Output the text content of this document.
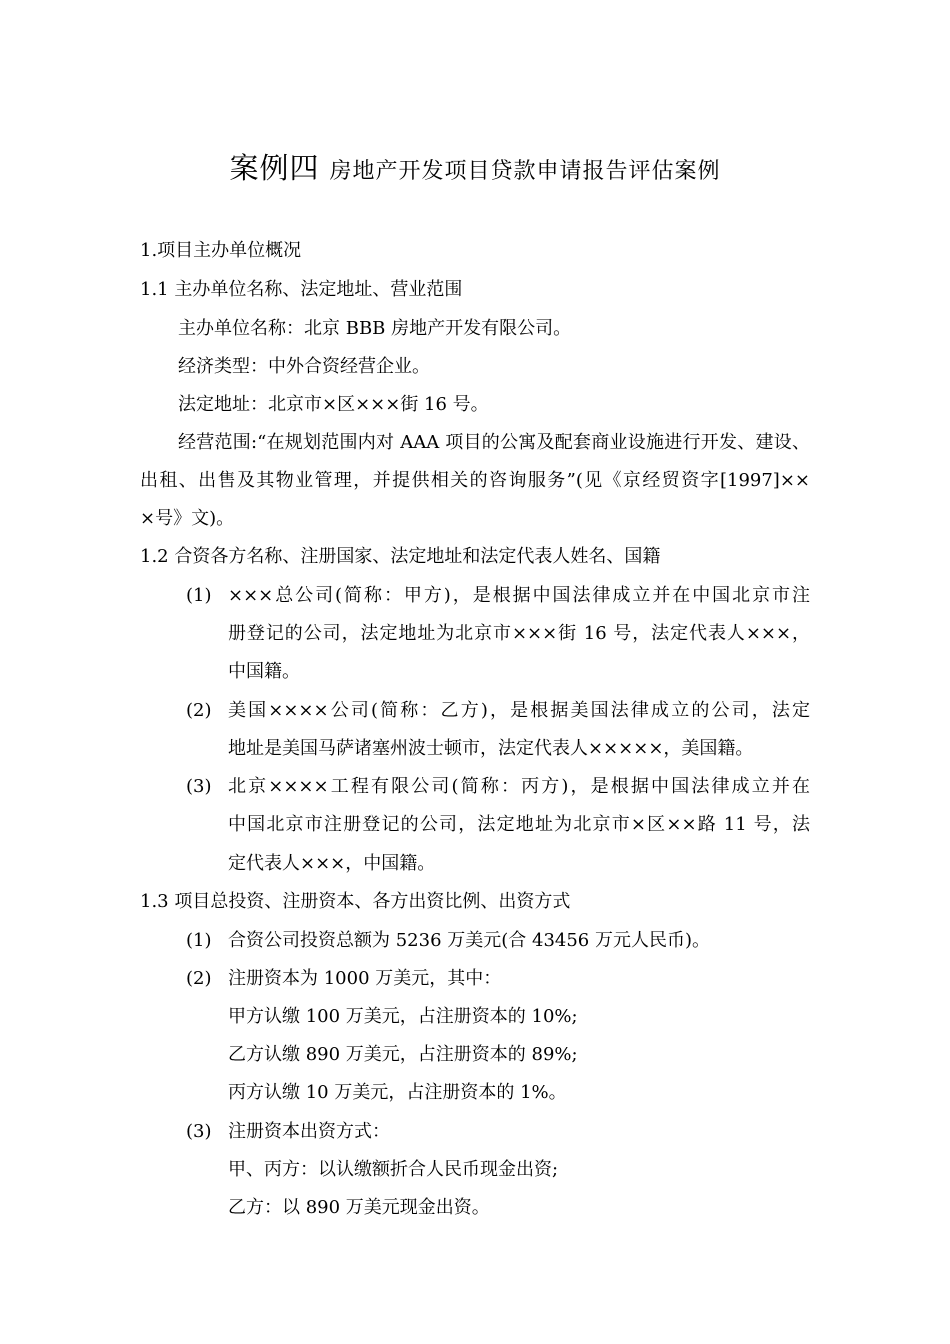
案例四 房地产开发项目贷款申请报告评估案例
1.项目主办单位概况
1.1 主办单位名称、法定地址、营业范围
主办单位名称：北京 BBB 房地产开发有限公司。
经济类型：中外合资经营企业。
法定地址：北京市×区×××街 16 号。
经营范围:“在规划范围内对 AAA 项目的公寓及配套商业设施进行开发、建设、
出租、出售及其物业管理，并提供相关的咨询服务”(见《京经贸资字[1997]××
×号》文)。
1.2 合资各方名称、注册国家、法定地址和法定代表人姓名、国籍
(1) ×××总公司(简称：甲方)，是根据中国法律成立并在中国北京市注
册登记的公司，法定地址为北京市×××街 16 号，法定代表人×××，
中国籍。
(2) 美国××××公司(简称：乙方)，是根据美国法律成立的公司，法定
地址是美国马萨诸塞州波士顿市，法定代表人×××××，美国籍。
(3) 北京××××工程有限公司(简称：丙方)，是根据中国法律成立并在
中国北京市注册登记的公司，法定地址为北京市×区××路 11 号，法
定代表人×××，中国籍。
1.3 项目总投资、注册资本、各方出资比例、出资方式
(1) 合资公司投资总额为 5236 万美元(合 43456 万元人民币)。
(2) 注册资本为 1000 万美元，其中：
甲方认缴 100 万美元，占注册资本的 10%;
乙方认缴 890 万美元，占注册资本的 89%;
丙方认缴 10 万美元，占注册资本的 1%。
(3) 注册资本出资方式：
甲、丙方：以认缴额折合人民币现金出资;
乙方：以 890 万美元现金出资。
